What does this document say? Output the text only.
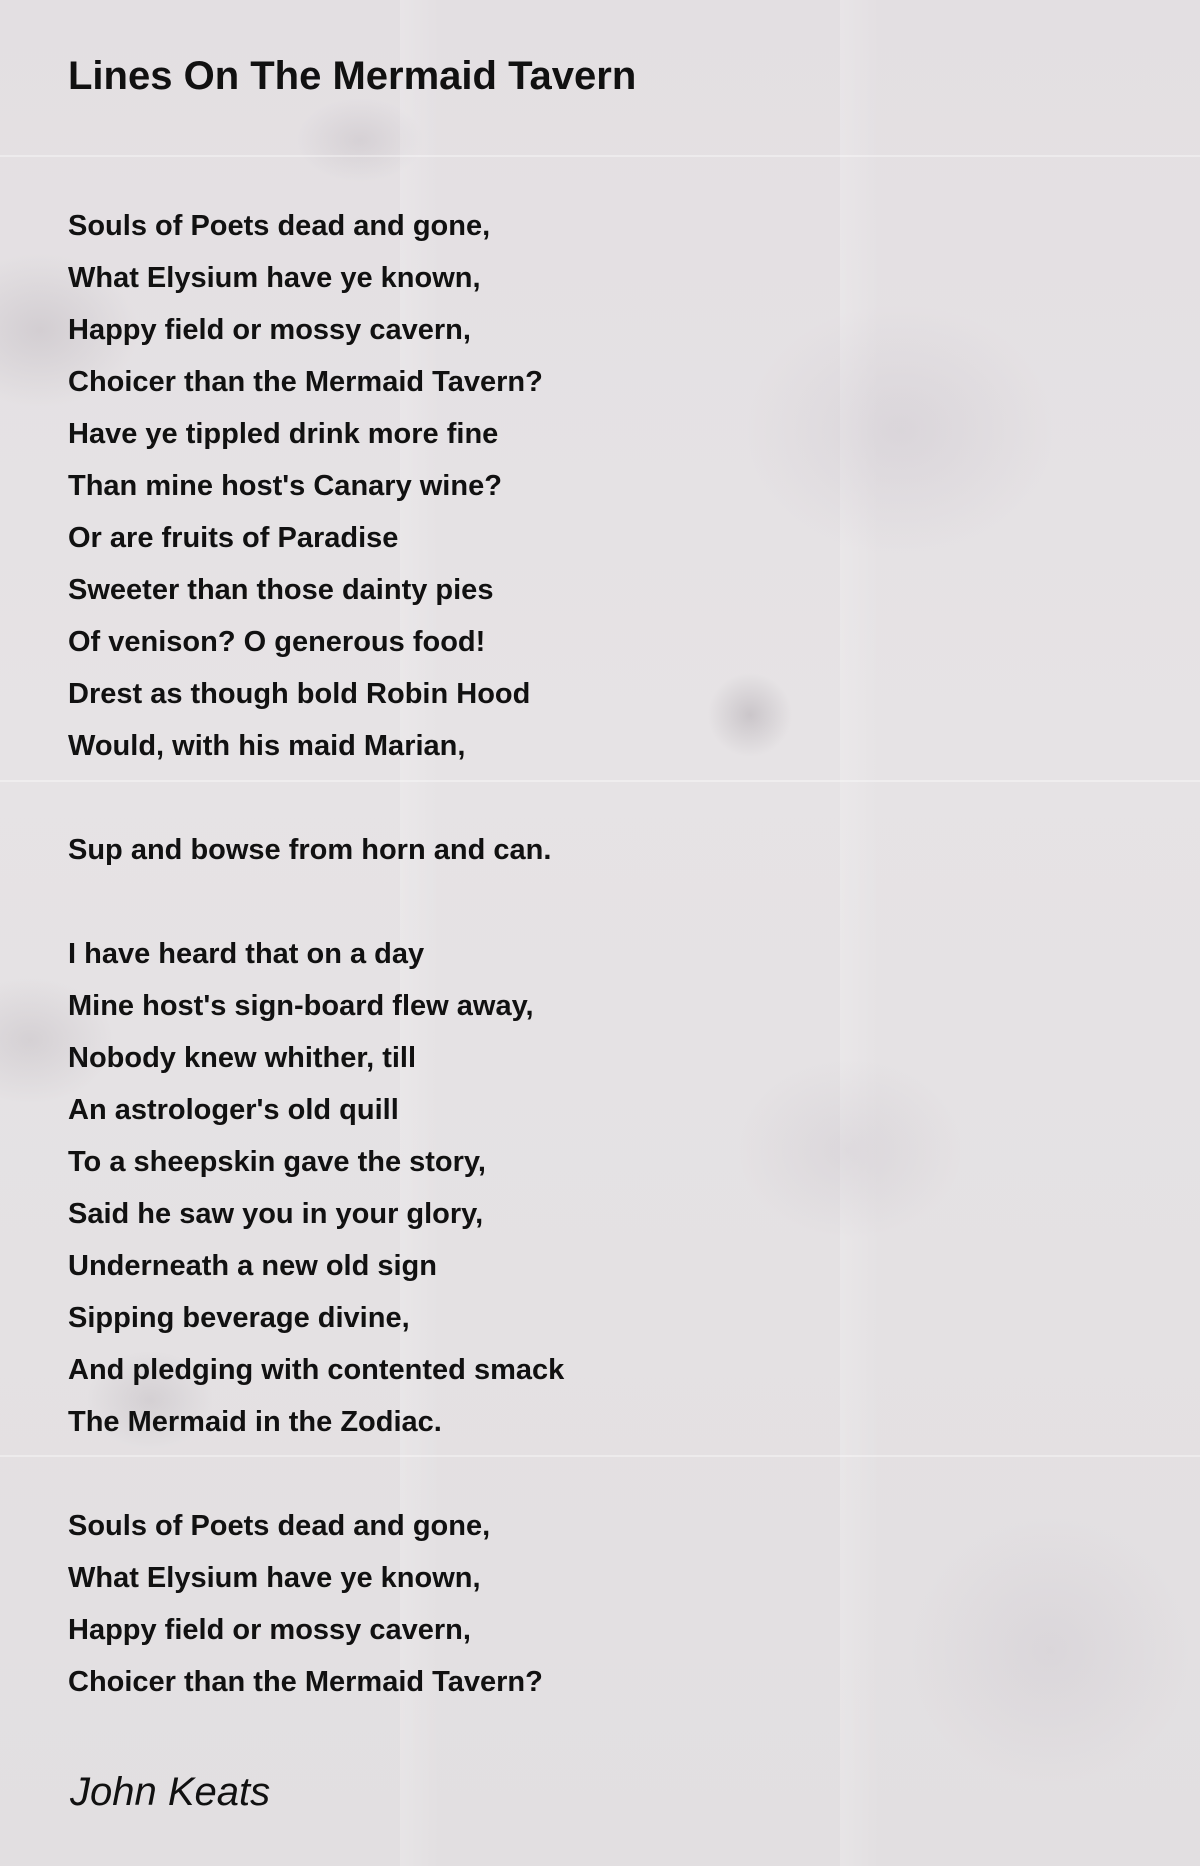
Lines On The Mermaid Tavern
Souls of Poets dead and gone,
What Elysium have ye known,
Happy field or mossy cavern,
Choicer than the Mermaid Tavern?
Have ye tippled drink more fine
Than mine host's Canary wine?
Or are fruits of Paradise
Sweeter than those dainty pies
Of venison? O generous food!
Drest as though bold Robin Hood
Would, with his maid Marian,
Sup and bowse from horn and can.
I have heard that on a day
Mine host's sign-board flew away,
Nobody knew whither, till
An astrologer's old quill
To a sheepskin gave the story,
Said he saw you in your glory,
Underneath a new old sign
Sipping beverage divine,
And pledging with contented smack
The Mermaid in the Zodiac.
Souls of Poets dead and gone,
What Elysium have ye known,
Happy field or mossy cavern,
Choicer than the Mermaid Tavern?
John Keats
